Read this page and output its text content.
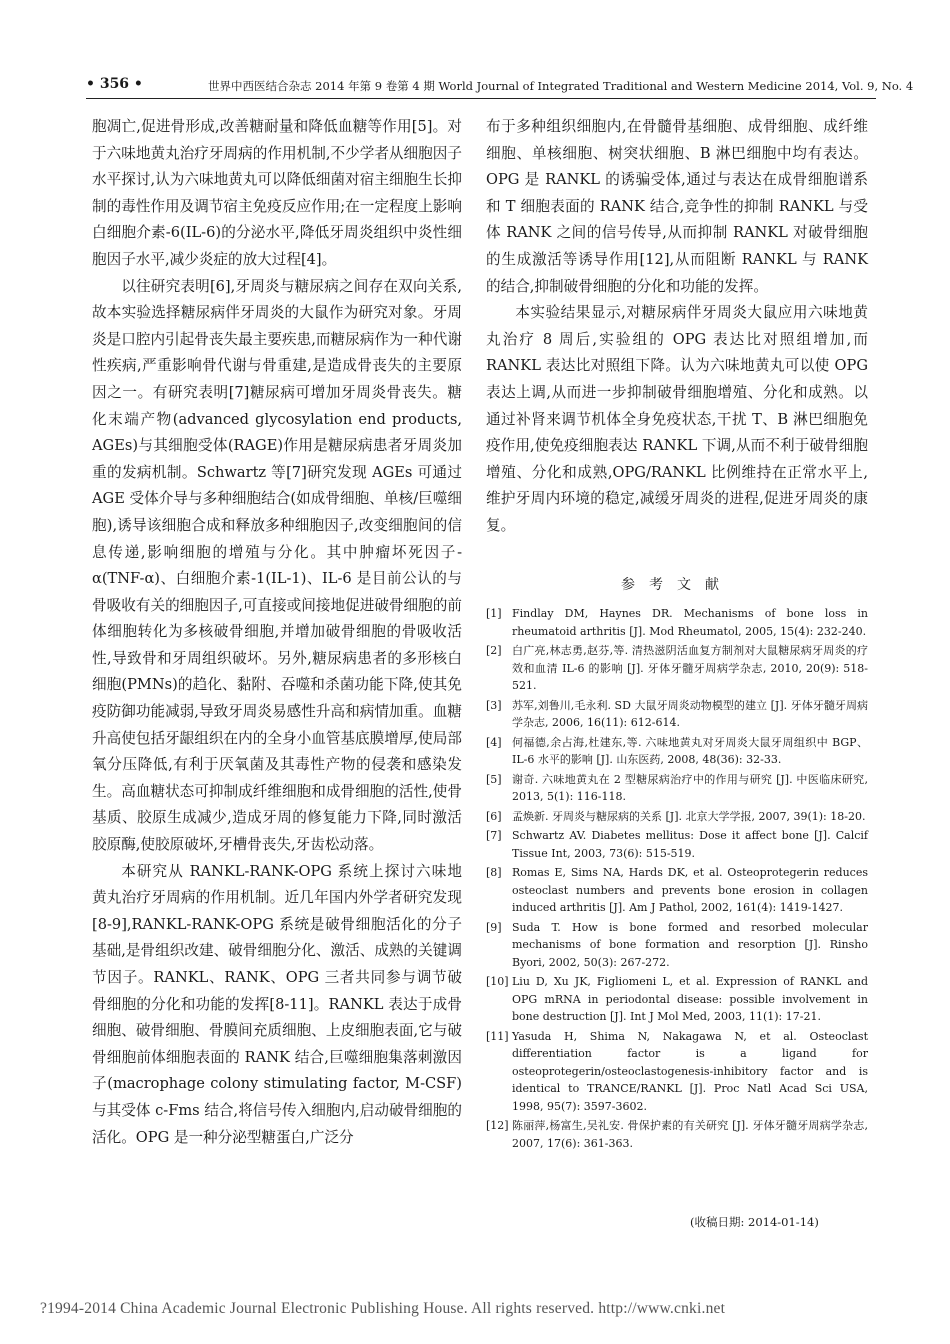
• 356 •	世界中西医结合杂志 2014 年第 9 卷第 4 期 World Journal of Integrated Traditional and Western Medicine 2014, Vol. 9, No. 4

胞凋亡,促进骨形成,改善糖耐量和降低血糖等作用[5]。对于六味地黄丸治疗牙周病的作用机制,不少学者从细胞因子水平探讨,认为六味地黄丸可以降低细菌对宿主细胞生长抑制的毒性作用及调节宿主免疫反应作用;在一定程度上影响白细胞介素-6(IL-6)的分泌水平,降低牙周炎组织中炎性细胞因子水平,减少炎症的放大过程[4]。

以往研究表明[6],牙周炎与糖尿病之间存在双向关系,故本实验选择糖尿病伴牙周炎的大鼠作为研究对象。牙周炎是口腔内引起骨丧失最主要疾患,而糖尿病作为一种代谢性疾病,严重影响骨代谢与骨重建,是造成骨丧失的主要原因之一。有研究表明[7]糖尿病可增加牙周炎骨丧失。糖化末端产物(advanced glycosylation end products, AGEs)与其细胞受体(RAGE)作用是糖尿病患者牙周炎加重的发病机制。Schwartz 等[7]研究发现 AGEs 可通过 AGE 受体介导与多种细胞结合(如成骨细胞、单核/巨噬细胞),诱导该细胞合成和释放多种细胞因子,改变细胞间的信息传递,影响细胞的增殖与分化。其中肿瘤坏死因子-α(TNF-α)、白细胞介素-1(IL-1)、IL-6 是目前公认的与骨吸收有关的细胞因子,可直接或间接地促进破骨细胞的前体细胞转化为多核破骨细胞,并增加破骨细胞的骨吸收活性,导致骨和牙周组织破坏。另外,糖尿病患者的多形核白细胞(PMNs)的趋化、黏附、吞噬和杀菌功能下降,使其免疫防御功能减弱,导致牙周炎易感性升高和病情加重。血糖升高使包括牙龈组织在内的全身小血管基底膜增厚,使局部氧分压降低,有利于厌氧菌及其毒性产物的侵袭和感染发生。高血糖状态可抑制成纤维细胞和成骨细胞的活性,使骨基质、胶原生成减少,造成牙周的修复能力下降,同时激活胶原酶,使胶原破坏,牙槽骨丧失,牙齿松动落。

本研究从 RANKL-RANK-OPG 系统上探讨六味地黄丸治疗牙周病的作用机制。近几年国内外学者研究发现[8-9],RANKL-RANK-OPG 系统是破骨细胞活化的分子基础,是骨组织改建、破骨细胞分化、激活、成熟的关键调节因子。RANKL、RANK、OPG 三者共同参与调节破骨细胞的分化和功能的发挥[8-11]。RANKL 表达于成骨细胞、破骨细胞、骨膜间充质细胞、上皮细胞表面,它与破骨细胞前体细胞表面的 RANK 结合,巨噬细胞集落刺激因子(macrophage colony stimulating factor, M-CSF)与其受体 c-Fms 结合,将信号传入细胞内,启动破骨细胞的活化。OPG 是一种分泌型糖蛋白,广泛分

布于多种组织细胞内,在骨髓骨基细胞、成骨细胞、成纤维细胞、单核细胞、树突状细胞、B 淋巴细胞中均有表达。OPG 是 RANKL 的诱骗受体,通过与表达在成骨细胞谱系和 T 细胞表面的 RANK 结合,竞争性的抑制 RANKL 与受体 RANK 之间的信号传导,从而抑制 RANKL 对破骨细胞的生成激活等诱导作用[12],从而阻断 RANKL 与 RANK 的结合,抑制破骨细胞的分化和功能的发挥。

本实验结果显示,对糖尿病伴牙周炎大鼠应用六味地黄丸治疗 8 周后,实验组的 OPG 表达比对照组增加,而 RANKL 表达比对照组下降。认为六味地黄丸可以使 OPG 表达上调,从而进一步抑制破骨细胞增殖、分化和成熟。以通过补肾来调节机体全身免疫状态,干扰 T、B 淋巴细胞免疫作用,使免疫细胞表达 RANKL 下调,从而不利于破骨细胞增殖、分化和成熟,OPG/RANKL 比例维持在正常水平上,维护牙周内环境的稳定,减缓牙周炎的进程,促进牙周炎的康复。

参考文献
[1] Findlay DM, Haynes DR. Mechanisms of bone loss in rheumatoid arthritis [J]. Mod Rheumatol, 2005, 15(4): 232-240.
[2] 白广亮,林志勇,赵芬,等. 清热滋阴活血复方制剂对大鼠糖尿病牙周炎的疗效和血清 IL-6 的影响 [J]. 牙体牙髓牙周病学杂志, 2010, 20(9): 518-521.
[3] 苏军,刘鲁川,毛永利. SD 大鼠牙周炎动物模型的建立 [J]. 牙体牙髓牙周病学杂志, 2006, 16(11): 612-614.
[4] 何福德,余占海,杜建东,等. 六味地黄丸对牙周炎大鼠牙周组织中 BGP、IL-6 水平的影响 [J]. 山东医药, 2008, 48(36): 32-33.
[5] 谢奇. 六味地黄丸在 2 型糖尿病治疗中的作用与研究 [J]. 中医临床研究, 2013, 5(1): 116-118.
[6] 孟焕新. 牙周炎与糖尿病的关系 [J]. 北京大学学报, 2007, 39(1): 18-20.
[7] Schwartz AV. Diabetes mellitus: Dose it affect bone [J]. Calcif Tissue Int, 2003, 73(6): 515-519.
[8] Romas E, Sims NA, Hards DK, et al. Osteoprotegerin reduces osteoclast numbers and prevents bone erosion in collagen induced arthritis [J]. Am J Pathol, 2002, 161(4): 1419-1427.
[9] Suda T. How is bone formed and resorbed molecular mechanisms of bone formation and resorption [J]. Rinsho Byori, 2002, 50(3): 267-272.
[10] Liu D, Xu JK, Figliomeni L, et al. Expression of RANKL and OPG mRNA in periodontal disease: possible involvement in bone destruction [J]. Int J Mol Med, 2003, 11(1): 17-21.
[11] Yasuda H, Shima N, Nakagawa N, et al. Osteoclast differentiation factor is a ligand for osteoprotegerin/osteoclastogenesis-inhibitory factor and is identical to TRANCE/RANKL [J]. Proc Natl Acad Sci USA, 1998, 95(7): 3597-3602.
[12] 陈丽萍,杨富生,吴礼安. 骨保护素的有关研究 [J]. 牙体牙髓牙周病学杂志, 2007, 17(6): 361-363.
(收稿日期: 2014-01-14)
?1994-2014 China Academic Journal Electronic Publishing House. All rights reserved. http://www.cnki.net
